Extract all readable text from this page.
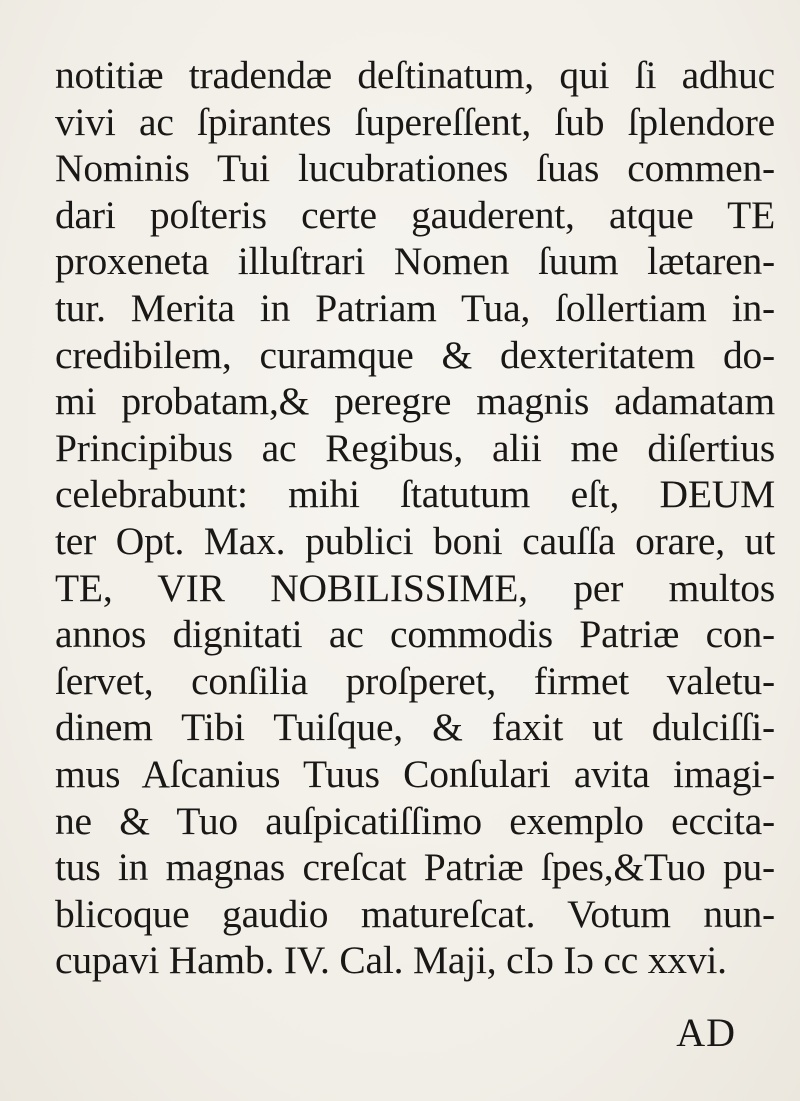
notitiæ tradendæ deſtinatum, qui ſi adhuc
vivi ac ſpirantes ſupereſſent, ſub ſplendore
Nominis Tui lucubrationes ſuas commen-
dari poſteris certe gauderent, atque TE
proxeneta illuſtrari Nomen ſuum lætaren-
tur. Merita in Patriam Tua, ſollertiam in-
credibilem, curamque & dexteritatem do-
mi probatam,& peregre magnis adamatam
Principibus ac Regibus, alii me diſertius
celebrabunt: mihi ſtatutum eſt, DEUM
ter Opt. Max. publici boni cauſſa orare, ut
TE, VIR NOBILISSIME, per multos
annos dignitati ac commodis Patriæ con-
ſervet, conſilia proſperet, firmet valetu-
dinem Tibi Tuiſque, & faxit ut dulciſſi-
mus Aſcanius Tuus Conſulari avita imagi-
ne & Tuo auſpicatiſſimo exemplo eccita-
tus in magnas creſcat Patriæ ſpes,&Tuo pu-
blicoque gaudio matureſcat. Votum nun-
cupavi Hamb. IV. Cal. Maji, cIɔ Iɔ cc xxvi.
AD
